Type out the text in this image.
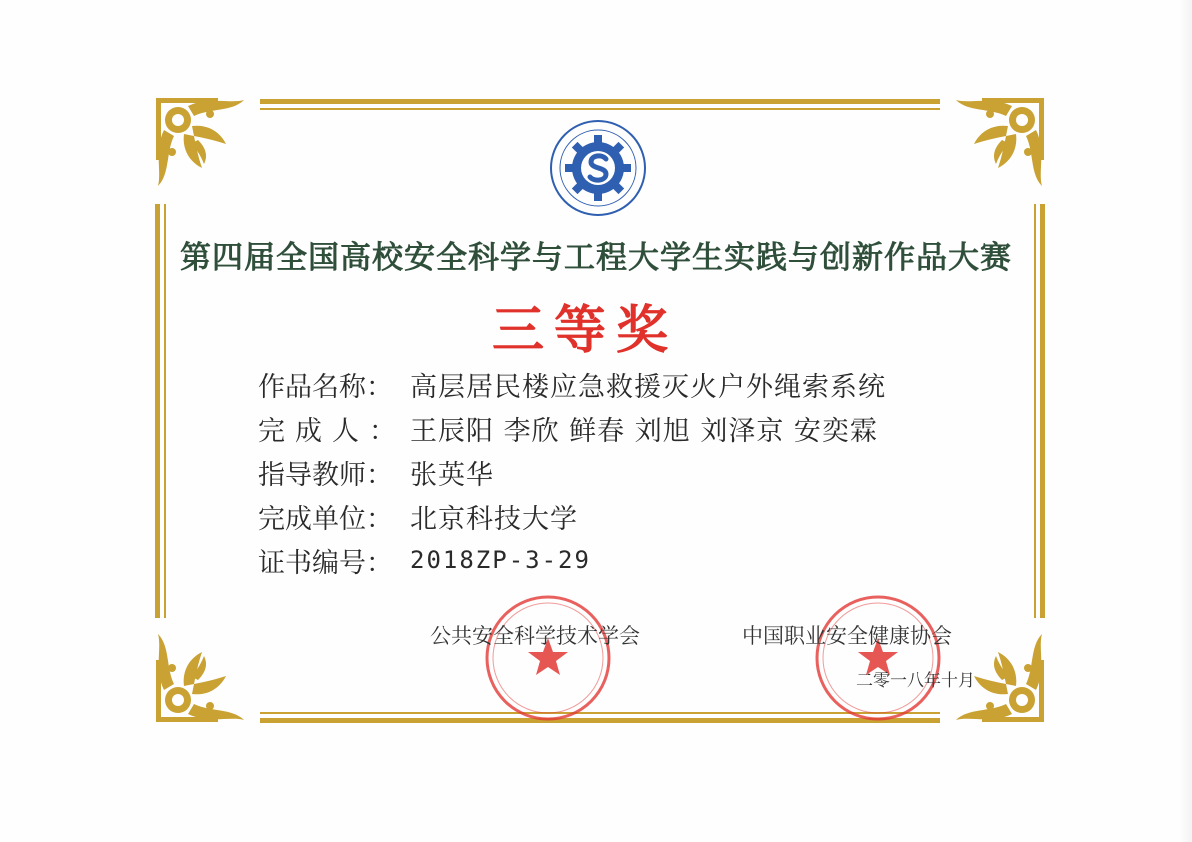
第四届全国高校安全科学与工程大学生实践与创新作品大赛
三等奖
作品名称： 高层居民楼应急救援灭火户外绳索系统
完成人： 王辰阳 李欣 鲜春 刘旭 刘泽京 安奕霖
指导教师： 张英华
完成单位： 北京科技大学
证书编号： 2018ZP-3-29
公共安全科学技术学会	中国职业安全健康协会
二零一八年十月
